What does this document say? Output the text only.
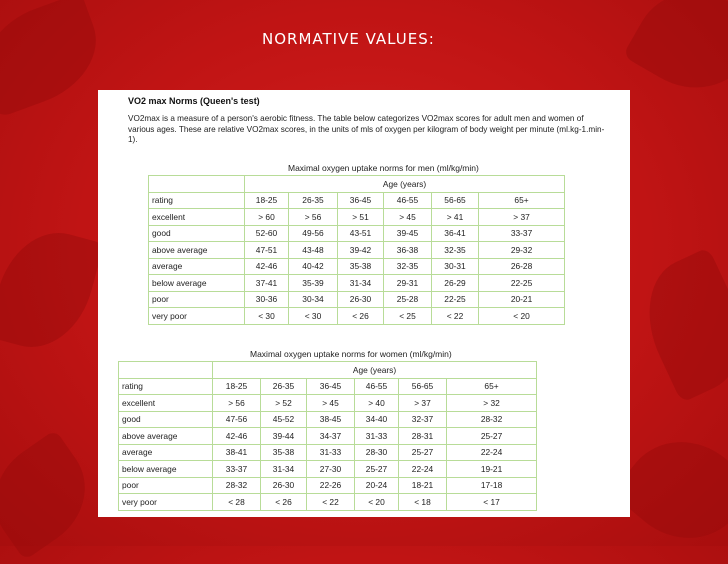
NORMATIVE VALUES:
VO2 max Norms (Queen's test)
VO2max is a measure of a person's aerobic fitness. The table below categorizes VO2max scores for adult men and women of various ages. These are relative VO2max scores, in the units of mls of oxygen per kilogram of body weight per minute (ml.kg-1.min-1).
Maximal oxygen uptake norms for men (ml/kg/min)
	Age (years)					
rating	18-25	26-35	36-45	46-55	56-65	65+
excellent	> 60	> 56	> 51	> 45	> 41	> 37
good	52-60	49-56	43-51	39-45	36-41	33-37
above average	47-51	43-48	39-42	36-38	32-35	29-32
average	42-46	40-42	35-38	32-35	30-31	26-28
below average	37-41	35-39	31-34	29-31	26-29	22-25
poor	30-36	30-34	26-30	25-28	22-25	20-21
very poor	< 30	< 30	< 26	< 25	< 22	< 20
Maximal oxygen uptake norms for women (ml/kg/min)
	Age (years)					
rating	18-25	26-35	36-45	46-55	56-65	65+
excellent	> 56	> 52	> 45	> 40	> 37	> 32
good	47-56	45-52	38-45	34-40	32-37	28-32
above average	42-46	39-44	34-37	31-33	28-31	25-27
average	38-41	35-38	31-33	28-30	25-27	22-24
below average	33-37	31-34	27-30	25-27	22-24	19-21
poor	28-32	26-30	22-26	20-24	18-21	17-18
very poor	< 28	< 26	< 22	< 20	< 18	< 17
